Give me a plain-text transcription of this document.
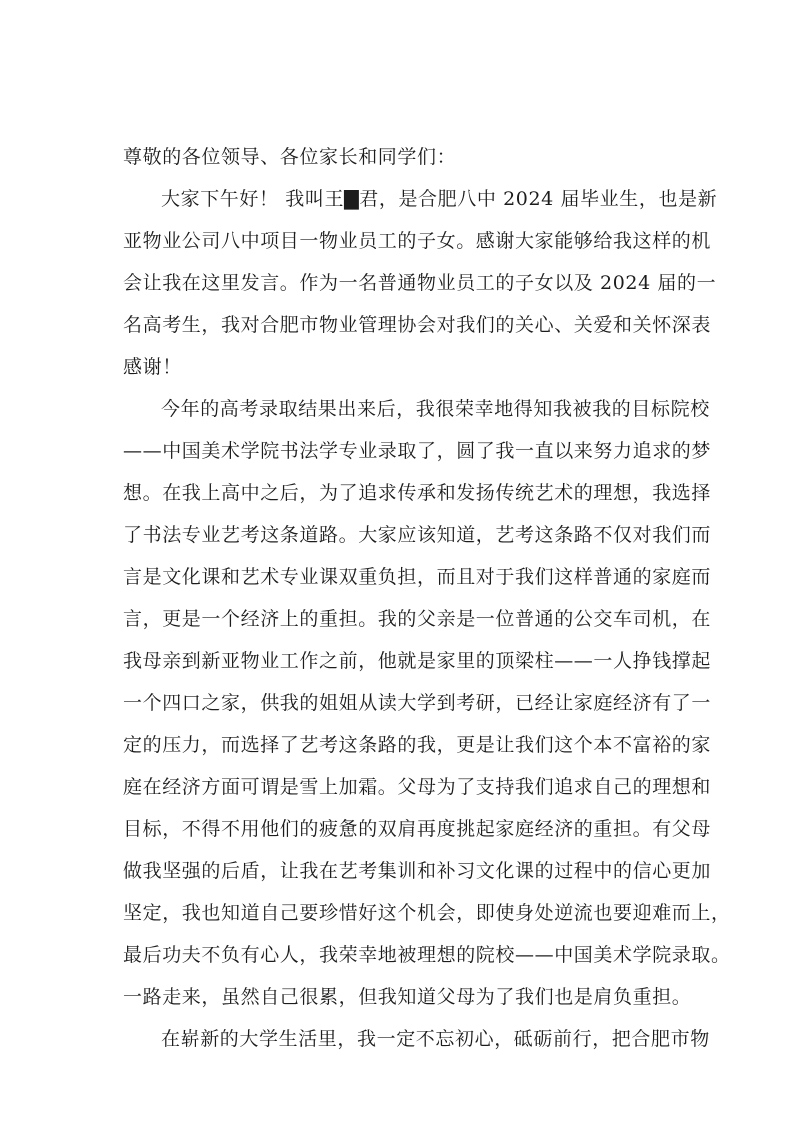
尊敬的各位领导、各位家长和同学们：
大家下午好！ 我叫王▇君，是合肥八中 2024 届毕业生，也是新
亚物业公司八中项目一物业员工的子女。感谢大家能够给我这样的机
会让我在这里发言。作为一名普通物业员工的子女以及 2024 届的一
名高考生，我对合肥市物业管理协会对我们的关心、关爱和关怀深表
感谢！
今年的高考录取结果出来后，我很荣幸地得知我被我的目标院校
——中国美术学院书法学专业录取了，圆了我一直以来努力追求的梦
想。在我上高中之后，为了追求传承和发扬传统艺术的理想，我选择
了书法专业艺考这条道路。大家应该知道，艺考这条路不仅对我们而
言是文化课和艺术专业课双重负担，而且对于我们这样普通的家庭而
言，更是一个经济上的重担。我的父亲是一位普通的公交车司机，在
我母亲到新亚物业工作之前，他就是家里的顶梁柱——一人挣钱撑起
一个四口之家，供我的姐姐从读大学到考研，已经让家庭经济有了一
定的压力，而选择了艺考这条路的我，更是让我们这个本不富裕的家
庭在经济方面可谓是雪上加霜。父母为了支持我们追求自己的理想和
目标，不得不用他们的疲惫的双肩再度挑起家庭经济的重担。有父母
做我坚强的后盾，让我在艺考集训和补习文化课的过程中的信心更加
坚定，我也知道自己要珍惜好这个机会，即使身处逆流也要迎难而上，
最后功夫不负有心人，我荣幸地被理想的院校——中国美术学院录取。
一路走来，虽然自己很累，但我知道父母为了我们也是肩负重担。
在崭新的大学生活里，我一定不忘初心，砥砺前行，把合肥市物
